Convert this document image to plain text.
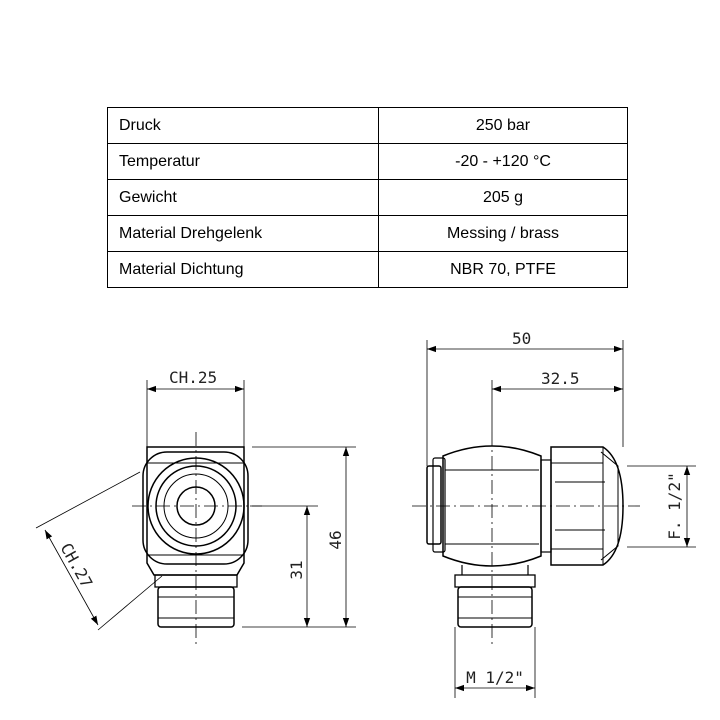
Druck	250 bar
Temperatur	-20 - +120 °C
Gewicht	205 g
Material Drehgelenk	Messing / brass
Material Dichtung	NBR 70, PTFE
CH.25
31
46
CH.27
50
32.5
F. 1/2"
M 1/2"
